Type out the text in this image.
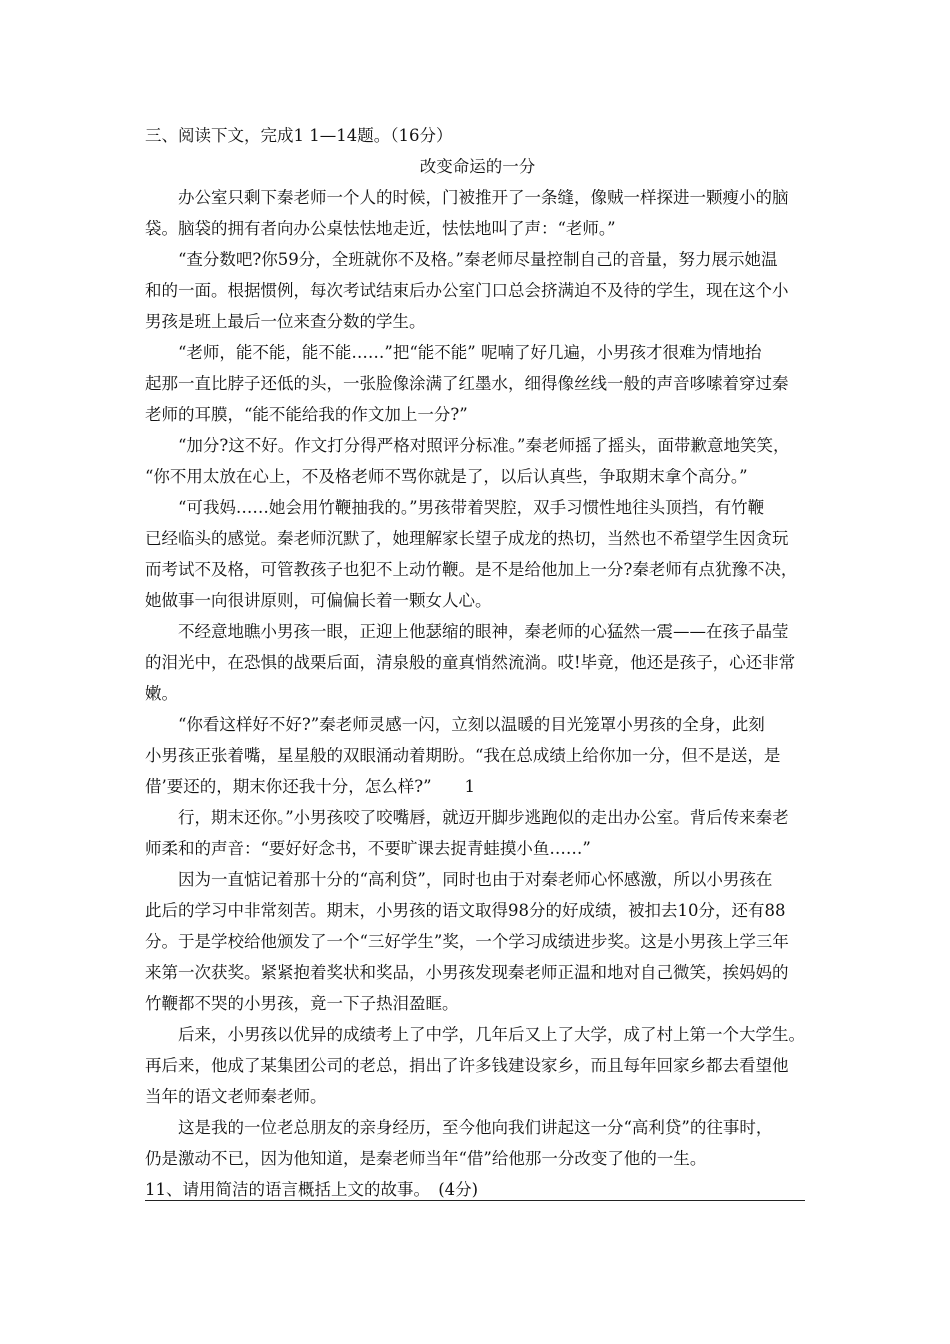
三、阅读下文，完成1 1—14题。（16分）
改变命运的一分
　　办公室只剩下秦老师一个人的时候，门被推开了一条缝，像贼一样探进一颗瘦小的脑
袋。脑袋的拥有者向办公桌怯怯地走近，怯怯地叫了声：“老师。”
　　“查分数吧?你59分，全班就你不及格。”秦老师尽量控制自己的音量，努力展示她温
和的一面。根据惯例，每次考试结束后办公室门口总会挤满迫不及待的学生，现在这个小
男孩是班上最后一位来查分数的学生。
　　“老师，能不能，能不能……”把“能不能” 呢喃了好几遍，小男孩才很难为情地抬
起那一直比脖子还低的头，一张脸像涂满了红墨水，细得像丝线一般的声音哆嗦着穿过秦
老师的耳膜，“能不能给我的作文加上一分?”
　　“加分?这不好。作文打分得严格对照评分标准。”秦老师摇了摇头，面带歉意地笑笑，
“你不用太放在心上，不及格老师不骂你就是了，以后认真些，争取期末拿个高分。”
　　“可我妈……她会用竹鞭抽我的。”男孩带着哭腔，双手习惯性地往头顶挡，有竹鞭
已经临头的感觉。秦老师沉默了，她理解家长望子成龙的热切，当然也不希望学生因贪玩
而考试不及格，可管教孩子也犯不上动竹鞭。是不是给他加上一分?秦老师有点犹豫不决，
她做事一向很讲原则，可偏偏长着一颗女人心。
　　不经意地瞧小男孩一眼，正迎上他瑟缩的眼神，秦老师的心猛然一震——在孩子晶莹
的泪光中，在恐惧的战栗后面，清泉般的童真悄然流淌。哎!毕竟，他还是孩子，心还非常
嫩。
　　“你看这样好不好?”秦老师灵感一闪，立刻以温暖的目光笼罩小男孩的全身，此刻
小男孩正张着嘴，星星般的双眼涌动着期盼。“我在总成绩上给你加一分，但不是送，是
借’要还的，期末你还我十分，怎么样?”　　1
　　行，期末还你。”小男孩咬了咬嘴唇，就迈开脚步逃跑似的走出办公室。背后传来秦老
师柔和的声音：“要好好念书，不要旷课去捉青蛙摸小鱼……”
　　因为一直惦记着那十分的“高利贷”，同时也由于对秦老师心怀感激，所以小男孩在
此后的学习中非常刻苦。期末，小男孩的语文取得98分的好成绩，被扣去10分，还有88
分。于是学校给他颁发了一个“三好学生”奖，一个学习成绩进步奖。这是小男孩上学三年
来第一次获奖。紧紧抱着奖状和奖品，小男孩发现秦老师正温和地对自己微笑，挨妈妈的
竹鞭都不哭的小男孩，竟一下子热泪盈眶。
　　后来，小男孩以优异的成绩考上了中学，几年后又上了大学，成了村上第一个大学生。
再后来，他成了某集团公司的老总，捐出了许多钱建设家乡，而且每年回家乡都去看望他
当年的语文老师秦老师。
　　这是我的一位老总朋友的亲身经历，至今他向我们讲起这一分“高利贷”的往事时，
仍是激动不已，因为他知道，是秦老师当年“借”给他那一分改变了他的一生。
11、请用简洁的语言概括上文的故事。　(4分)
